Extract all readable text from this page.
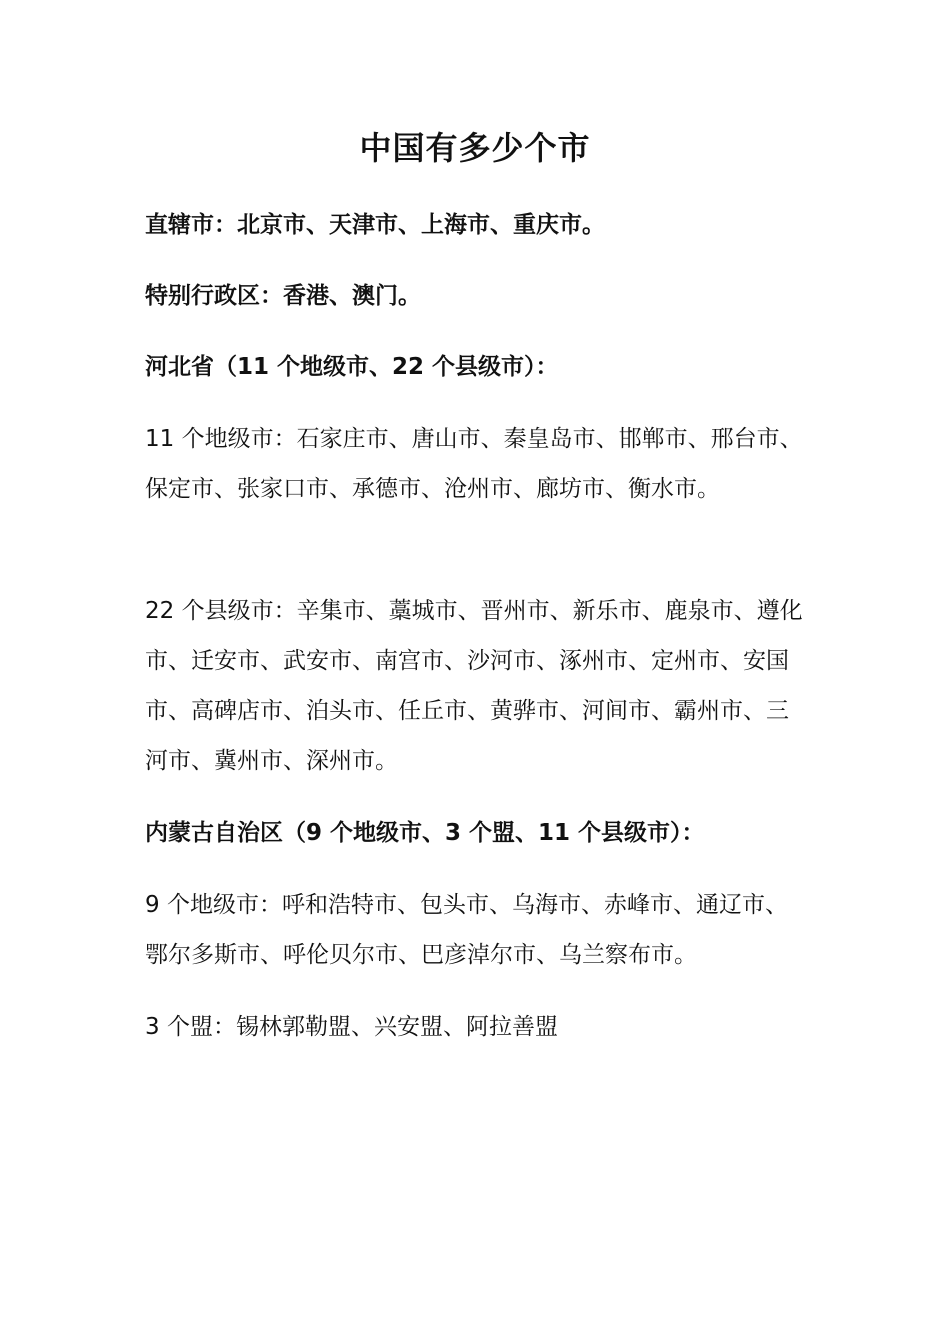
中国有多少个市
直辖市：北京市、天津市、上海市、重庆市。
特别行政区：香港、澳门。
河北省（11 个地级市、22 个县级市）：
11 个地级市：石家庄市、唐山市、秦皇岛市、邯郸市、邢台市、保定市、张家口市、承德市、沧州市、廊坊市、衡水市。
22 个县级市：辛集市、藁城市、晋州市、新乐市、鹿泉市、遵化市、迁安市、武安市、南宫市、沙河市、涿州市、定州市、安国市、高碑店市、泊头市、任丘市、黄骅市、河间市、霸州市、三河市、冀州市、深州市。
内蒙古自治区（9 个地级市、3 个盟、11 个县级市）：
9 个地级市：呼和浩特市、包头市、乌海市、赤峰市、通辽市、鄂尔多斯市、呼伦贝尔市、巴彦淖尔市、乌兰察布市。
3 个盟：锡林郭勒盟、兴安盟、阿拉善盟
